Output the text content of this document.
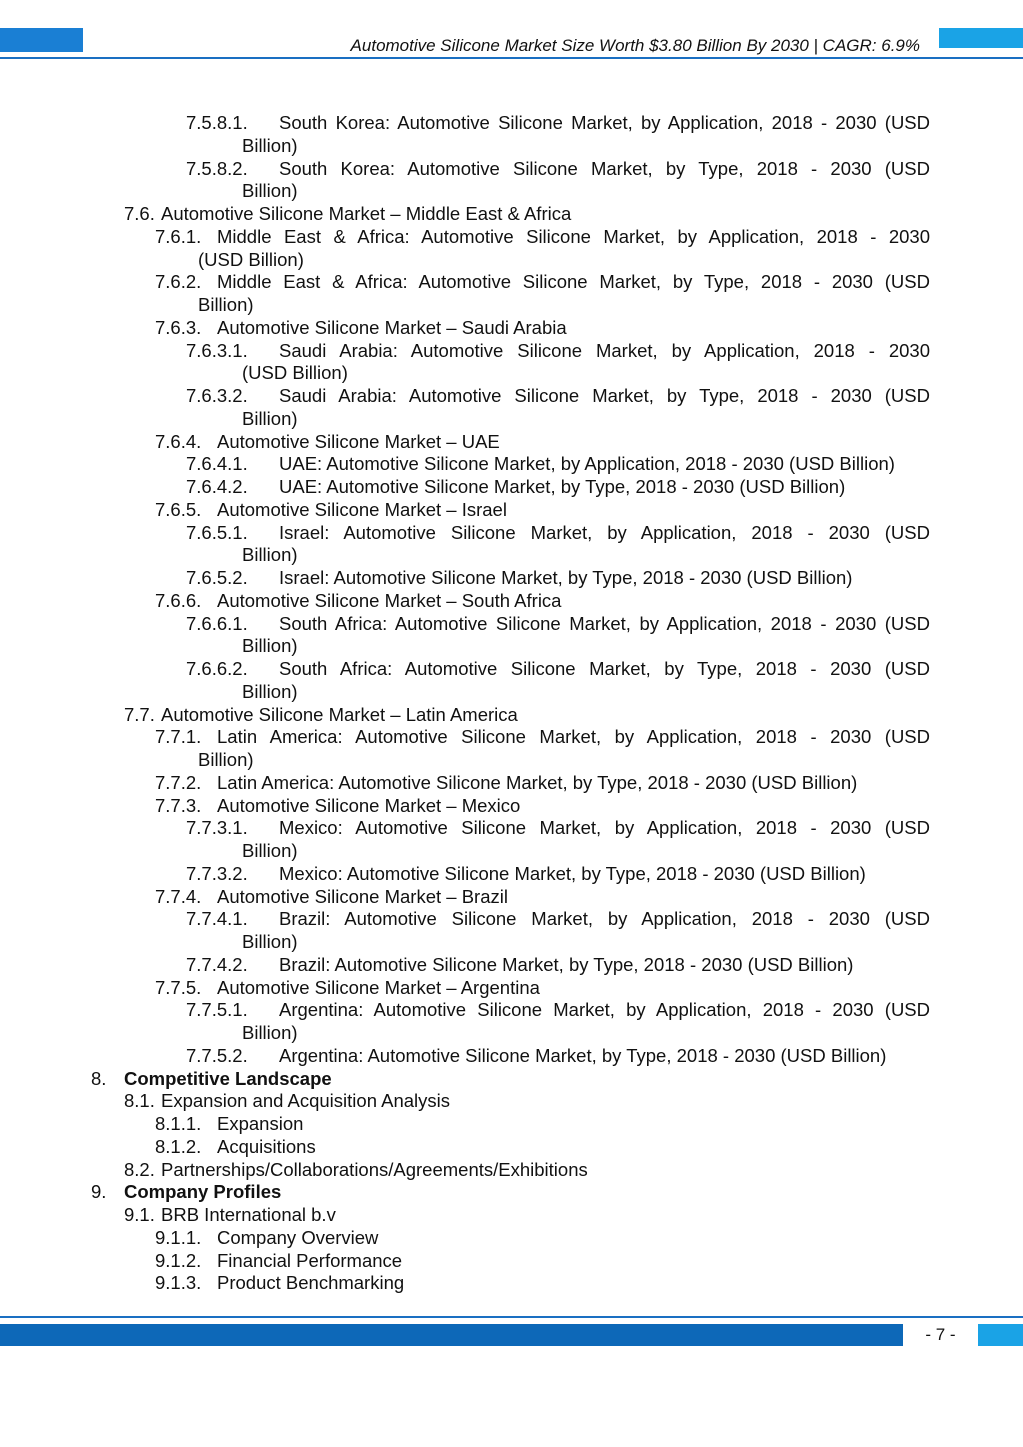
Automotive Silicone Market Size Worth $3.80 Billion By 2030 | CAGR: 6.9%
7.5.8.1. South Korea: Automotive Silicone Market, by Application, 2018 - 2030 (USD
Billion)
7.5.8.2. South Korea: Automotive Silicone Market, by Type, 2018 - 2030 (USD
Billion)
7.6. Automotive Silicone Market – Middle East & Africa
7.6.1. Middle East & Africa: Automotive Silicone Market, by Application, 2018 - 2030
(USD Billion)
7.6.2. Middle East & Africa: Automotive Silicone Market, by Type, 2018 - 2030 (USD
Billion)
7.6.3. Automotive Silicone Market – Saudi Arabia
7.6.3.1. Saudi Arabia: Automotive Silicone Market, by Application, 2018 - 2030
(USD Billion)
7.6.3.2. Saudi Arabia: Automotive Silicone Market, by Type, 2018 - 2030 (USD
Billion)
7.6.4. Automotive Silicone Market – UAE
7.6.4.1. UAE: Automotive Silicone Market, by Application, 2018 - 2030 (USD Billion)
7.6.4.2. UAE: Automotive Silicone Market, by Type, 2018 - 2030 (USD Billion)
7.6.5. Automotive Silicone Market – Israel
7.6.5.1. Israel: Automotive Silicone Market, by Application, 2018 - 2030 (USD
Billion)
7.6.5.2. Israel: Automotive Silicone Market, by Type, 2018 - 2030 (USD Billion)
7.6.6. Automotive Silicone Market – South Africa
7.6.6.1. South Africa: Automotive Silicone Market, by Application, 2018 - 2030 (USD
Billion)
7.6.6.2. South Africa: Automotive Silicone Market, by Type, 2018 - 2030 (USD
Billion)
7.7. Automotive Silicone Market – Latin America
7.7.1. Latin America: Automotive Silicone Market, by Application, 2018 - 2030 (USD
Billion)
7.7.2. Latin America: Automotive Silicone Market, by Type, 2018 - 2030 (USD Billion)
7.7.3. Automotive Silicone Market – Mexico
7.7.3.1. Mexico: Automotive Silicone Market, by Application, 2018 - 2030 (USD
Billion)
7.7.3.2. Mexico: Automotive Silicone Market, by Type, 2018 - 2030 (USD Billion)
7.7.4. Automotive Silicone Market – Brazil
7.7.4.1. Brazil: Automotive Silicone Market, by Application, 2018 - 2030 (USD
Billion)
7.7.4.2. Brazil: Automotive Silicone Market, by Type, 2018 - 2030 (USD Billion)
7.7.5. Automotive Silicone Market – Argentina
7.7.5.1. Argentina: Automotive Silicone Market, by Application, 2018 - 2030 (USD
Billion)
7.7.5.2. Argentina: Automotive Silicone Market, by Type, 2018 - 2030 (USD Billion)
8. Competitive Landscape
8.1. Expansion and Acquisition Analysis
8.1.1. Expansion
8.1.2. Acquisitions
8.2. Partnerships/Collaborations/Agreements/Exhibitions
9. Company Profiles
9.1. BRB International b.v
9.1.1. Company Overview
9.1.2. Financial Performance
9.1.3. Product Benchmarking
- 7 -
